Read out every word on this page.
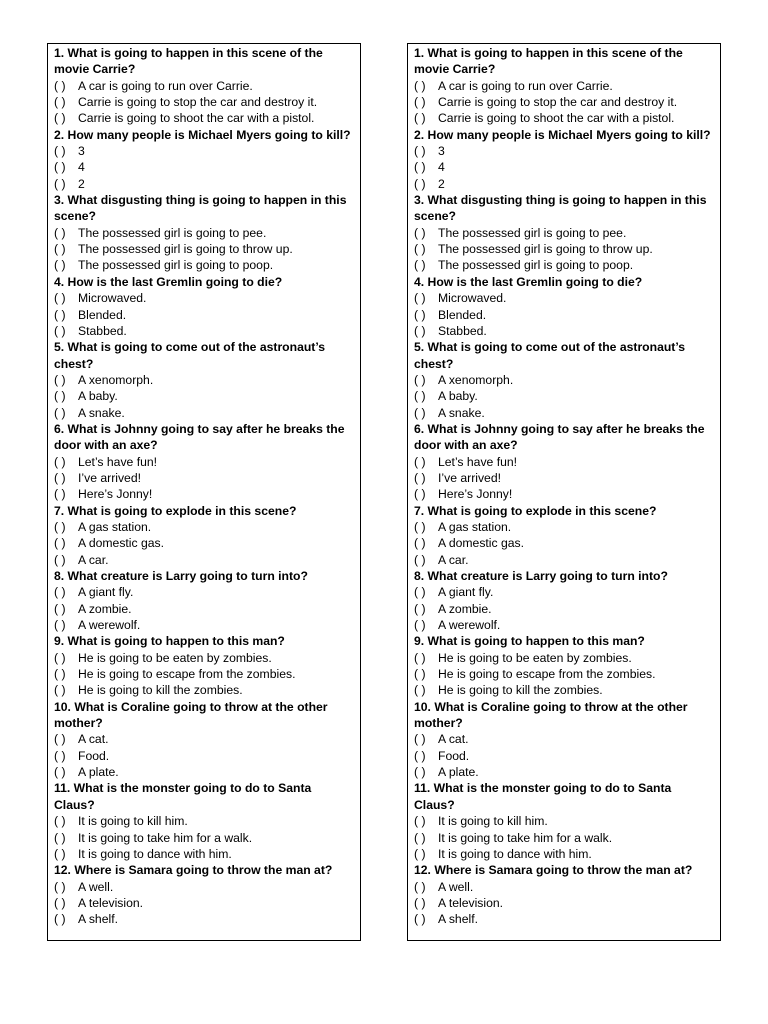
1. What is going to happen in this scene of the movie Carrie?
( ) A car is going to run over Carrie.
( ) Carrie is going to stop the car and destroy it.
( ) Carrie is going to shoot the car with a pistol.
2. How many people is Michael Myers going to kill?
( ) 3
( ) 4
( ) 2
3. What disgusting thing is going to happen in this scene?
( ) The possessed girl is going to pee.
( ) The possessed girl is going to throw up.
( ) The possessed girl is going to poop.
4. How is the last Gremlin going to die?
( ) Microwaved.
( ) Blended.
( ) Stabbed.
5. What is going to come out of the astronaut’s chest?
( ) A xenomorph.
( ) A baby.
( ) A snake.
6. What is Johnny going to say after he breaks the door with an axe?
( ) Let’s have fun!
( ) I’ve arrived!
( ) Here’s Jonny!
7. What is going to explode in this scene?
( ) A gas station.
( ) A domestic gas.
( ) A car.
8. What creature is Larry going to turn into?
( ) A giant fly.
( ) A zombie.
( ) A werewolf.
9. What is going to happen to this man?
( ) He is going to be eaten by zombies.
( ) He is going to escape from the zombies.
( ) He is going to kill the zombies.
10. What is Coraline going to throw at the other mother?
( ) A cat.
( ) Food.
( ) A plate.
11. What is the monster going to do to Santa Claus?
( ) It is going to kill him.
( ) It is going to take him for a walk.
( ) It is going to dance with him.
12. Where is Samara going to throw the man at?
( ) A well.
( ) A television.
( ) A shelf.
1. What is going to happen in this scene of the movie Carrie?
( ) A car is going to run over Carrie.
( ) Carrie is going to stop the car and destroy it.
( ) Carrie is going to shoot the car with a pistol.
2. How many people is Michael Myers going to kill?
( ) 3
( ) 4
( ) 2
3. What disgusting thing is going to happen in this scene?
( ) The possessed girl is going to pee.
( ) The possessed girl is going to throw up.
( ) The possessed girl is going to poop.
4. How is the last Gremlin going to die?
( ) Microwaved.
( ) Blended.
( ) Stabbed.
5. What is going to come out of the astronaut’s chest?
( ) A xenomorph.
( ) A baby.
( ) A snake.
6. What is Johnny going to say after he breaks the door with an axe?
( ) Let’s have fun!
( ) I’ve arrived!
( ) Here’s Jonny!
7. What is going to explode in this scene?
( ) A gas station.
( ) A domestic gas.
( ) A car.
8. What creature is Larry going to turn into?
( ) A giant fly.
( ) A zombie.
( ) A werewolf.
9. What is going to happen to this man?
( ) He is going to be eaten by zombies.
( ) He is going to escape from the zombies.
( ) He is going to kill the zombies.
10. What is Coraline going to throw at the other mother?
( ) A cat.
( ) Food.
( ) A plate.
11. What is the monster going to do to Santa Claus?
( ) It is going to kill him.
( ) It is going to take him for a walk.
( ) It is going to dance with him.
12. Where is Samara going to throw the man at?
( ) A well.
( ) A television.
( ) A shelf.
